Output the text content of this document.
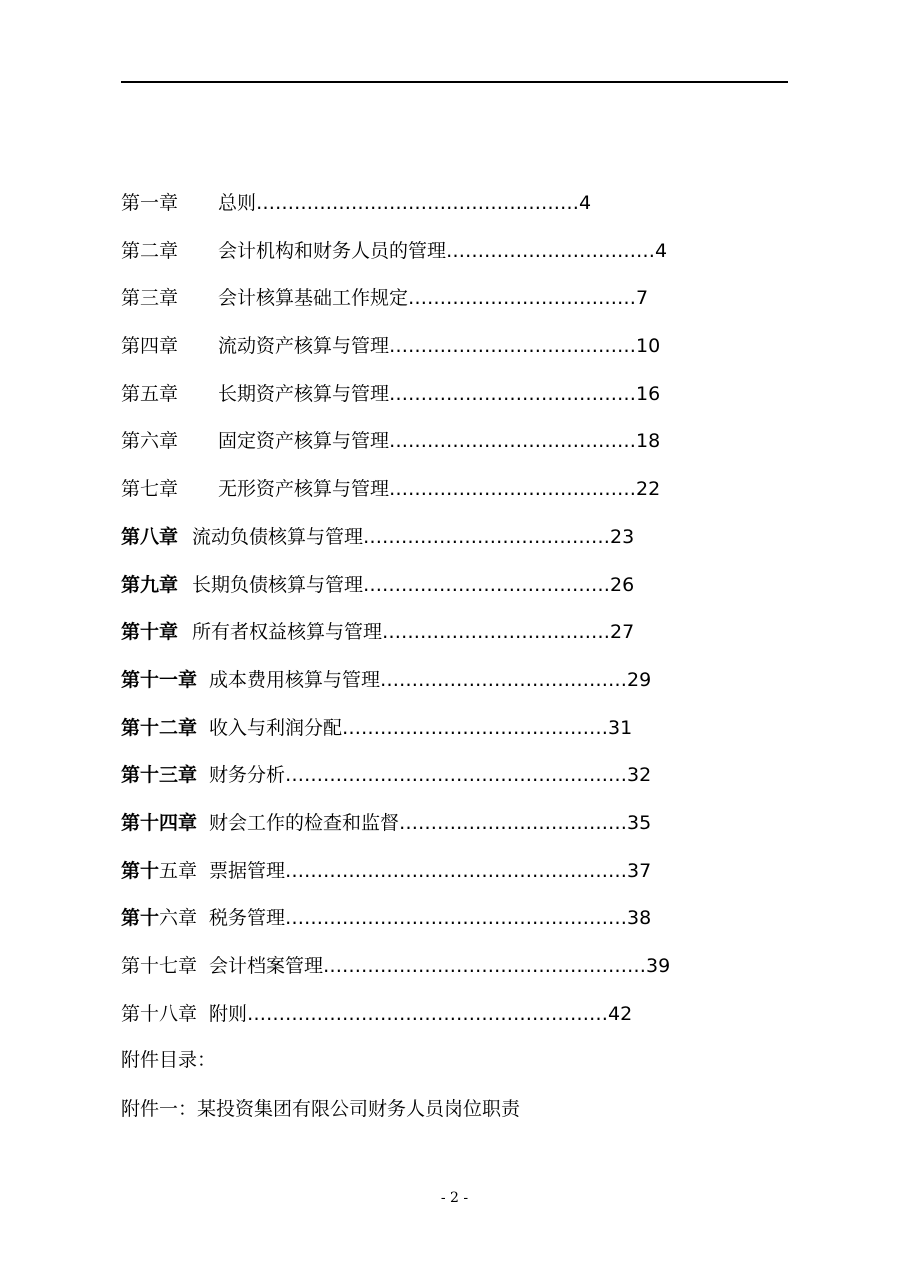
第一章 总则……………………………………………4
第二章 会计机构和财务人员的管理……………………………4
第三章 会计核算基础工作规定………………………………7
第四章 流动资产核算与管理…………………………………10
第五章 长期资产核算与管理…………………………………16
第六章 固定资产核算与管理…………………………………18
第七章 无形资产核算与管理…………………………………22
第八章 流动负债核算与管理…………………………………23
第九章 长期负债核算与管理…………………………………26
第十章 所有者权益核算与管理………………………………27
第十一章 成本费用核算与管理…………………………………29
第十二章 收入与利润分配……………………………………31
第十三章 财务分析………………………………………………32
第十四章 财会工作的检查和监督………………………………35
第十五章 票据管理………………………………………………37
第十六章 税务管理………………………………………………38
第十七章 会计档案管理……………………………………………39
第十八章 附则…………………………………………………42

附件目录：

附件一：某投资集团有限公司财务人员岗位职责

- 2 -
